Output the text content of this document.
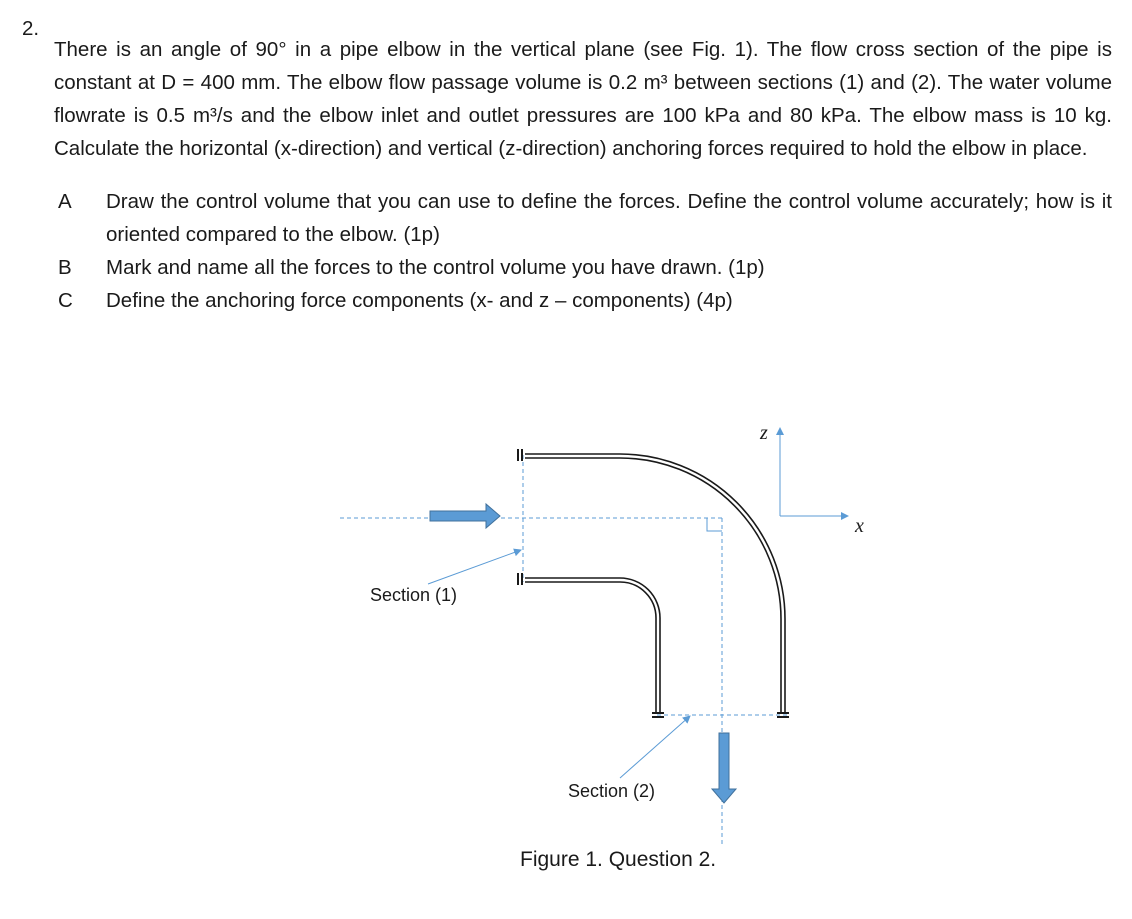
2.

There is an angle of 90° in a pipe elbow in the vertical plane (see Fig. 1). The flow cross section of the pipe is constant at D = 400 mm. The elbow flow passage volume is 0.2 m³ between sections (1) and (2). The water volume flowrate is 0.5 m³/s and the elbow inlet and outlet pressures are 100 kPa and 80 kPa. The elbow mass is 10 kg. Calculate the horizontal (x-direction) and vertical (z-direction) anchoring forces required to hold the elbow in place.

A	Draw the control volume that you can use to define the forces. Define the control volume accurately; how is it oriented compared to the elbow. (1p)
B	Mark and name all the forces to the control volume you have drawn. (1p)
C	Define the anchoring force components (x- and z – components) (4p)
z
x
Section (1)
Section (2)
Figure 1. Question 2.
